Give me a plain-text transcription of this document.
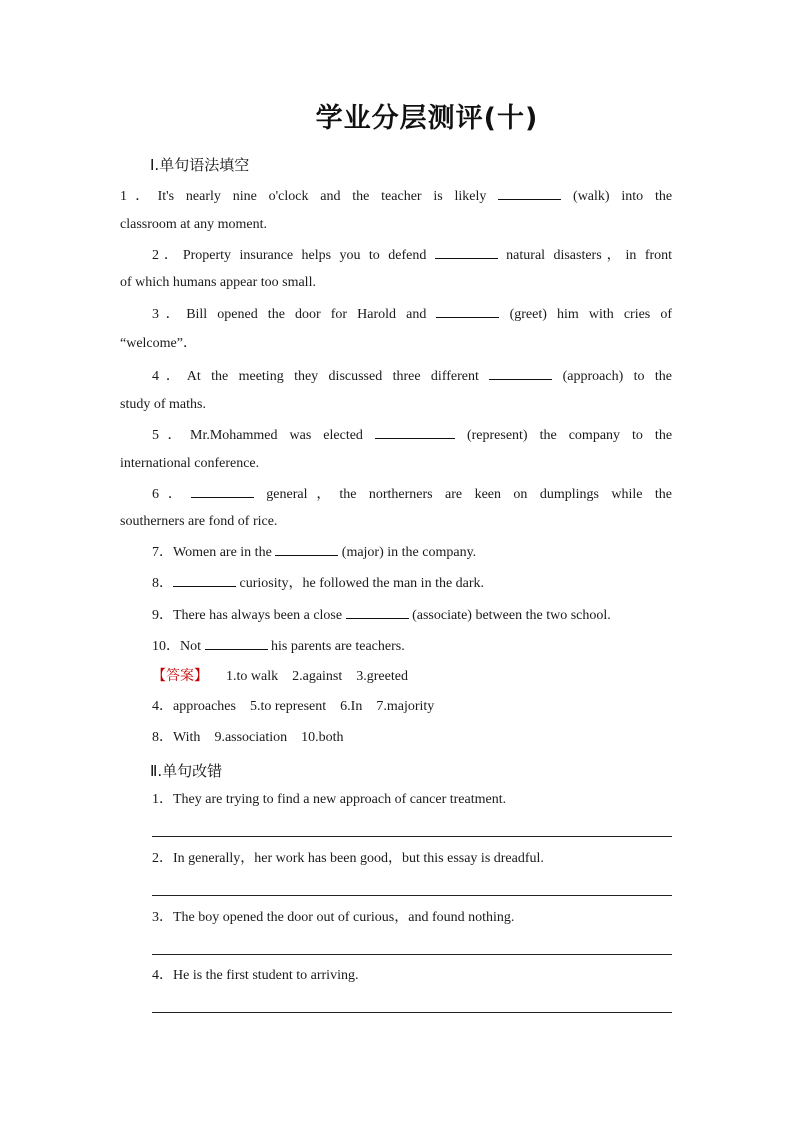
学业分层测评(十)
Ⅰ.单句语法填空
1．It's nearly nine o'clock and the teacher is likely	(walk) into the
classroom at any moment.
2．Property insurance helps you to defend	natural disasters，in front
of which humans appear too small.
3．Bill opened the door for Harold and	(greet) him with cries of
“welcome”．
4．At the meeting they discussed three different	(approach) to the
study of maths.
5．Mr.Mohammed was elected	(represent) the company to the
international conference.
6．	general，the northerners are keen on dumplings while the
southerners are fond of rice.
7．Women are in the	(major) in the company.
8．	curiosity，he followed the man in the dark.
9．There has always been a close	(associate) between the two school.
10．Not	his parents are teachers.
【答案】 1.to walk 2.against 3.greeted
4．approaches 5.to represent 6.In 7.majority
8．With 9.association 10.both
Ⅱ.单句改错
1．They are trying to find a new approach of cancer treatment.
2．In generally，her work has been good，but this essay is dreadful.
3．The boy opened the door out of curious，and found nothing.
4．He is the first student to arriving.
